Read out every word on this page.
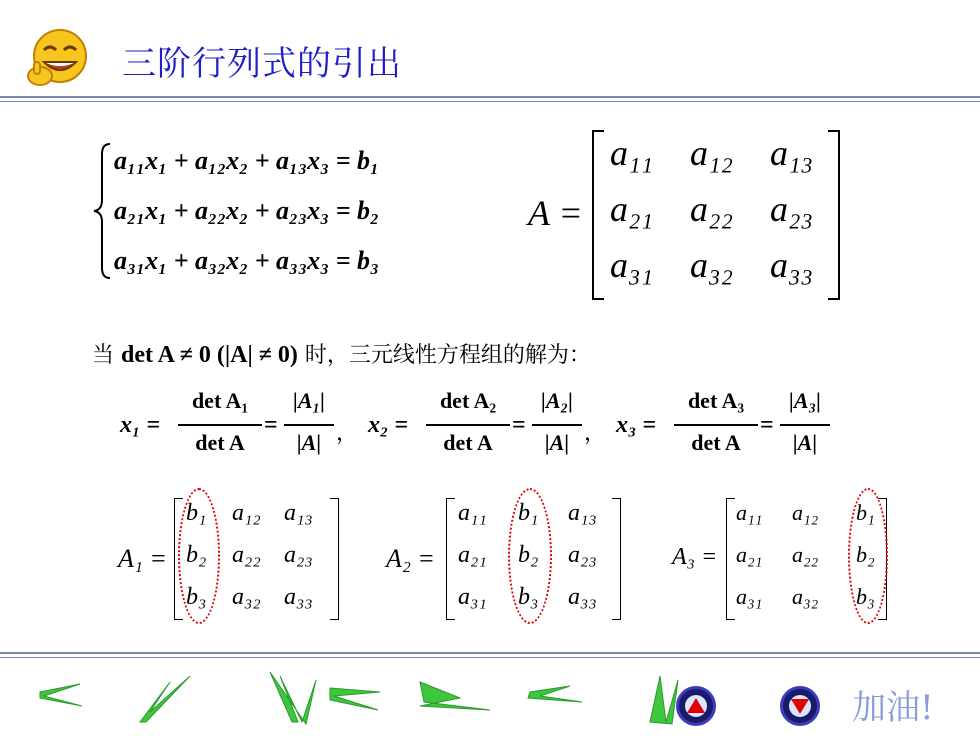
三阶行列式的引出
a₁₁x₁ + a₁₂x₂ + a₁₃x₃ = b₁
a₂₁x₁ + a₂₂x₂ + a₂₃x₃ = b₂
a₃₁x₁ + a₃₂x₂ + a₃₃x₃ = b₃
A =
a₁₁ a₁₂ a₁₃
a₂₁ a₂₂ a₂₃
a₃₁ a₃₂ a₃₃
当 det A ≠ 0 (|A| ≠ 0) 时，三元线性方程组的解为：
x₁ =
det A₁
det A
=
|A₁|
|A| ， x₂ =
det A₂
det A
=
|A₂|
|A| ， x₃ =
det A₃
det A
=
|A₃|
|A|
A₁ =
b₁ a₁₂ a₁₃
b₂ a₂₂ a₂₃
b₃ a₃₂ a₃₃
A₂ =
a₁₁ b₁ a₁₃
a₂₁ b₂ a₂₃
a₃₁ b₃ a₃₃
A₃ =
a₁₁ a₁₂ b₁
a₂₁ a₂₂ b₂
a₃₁ a₃₂ b₃
加油!
